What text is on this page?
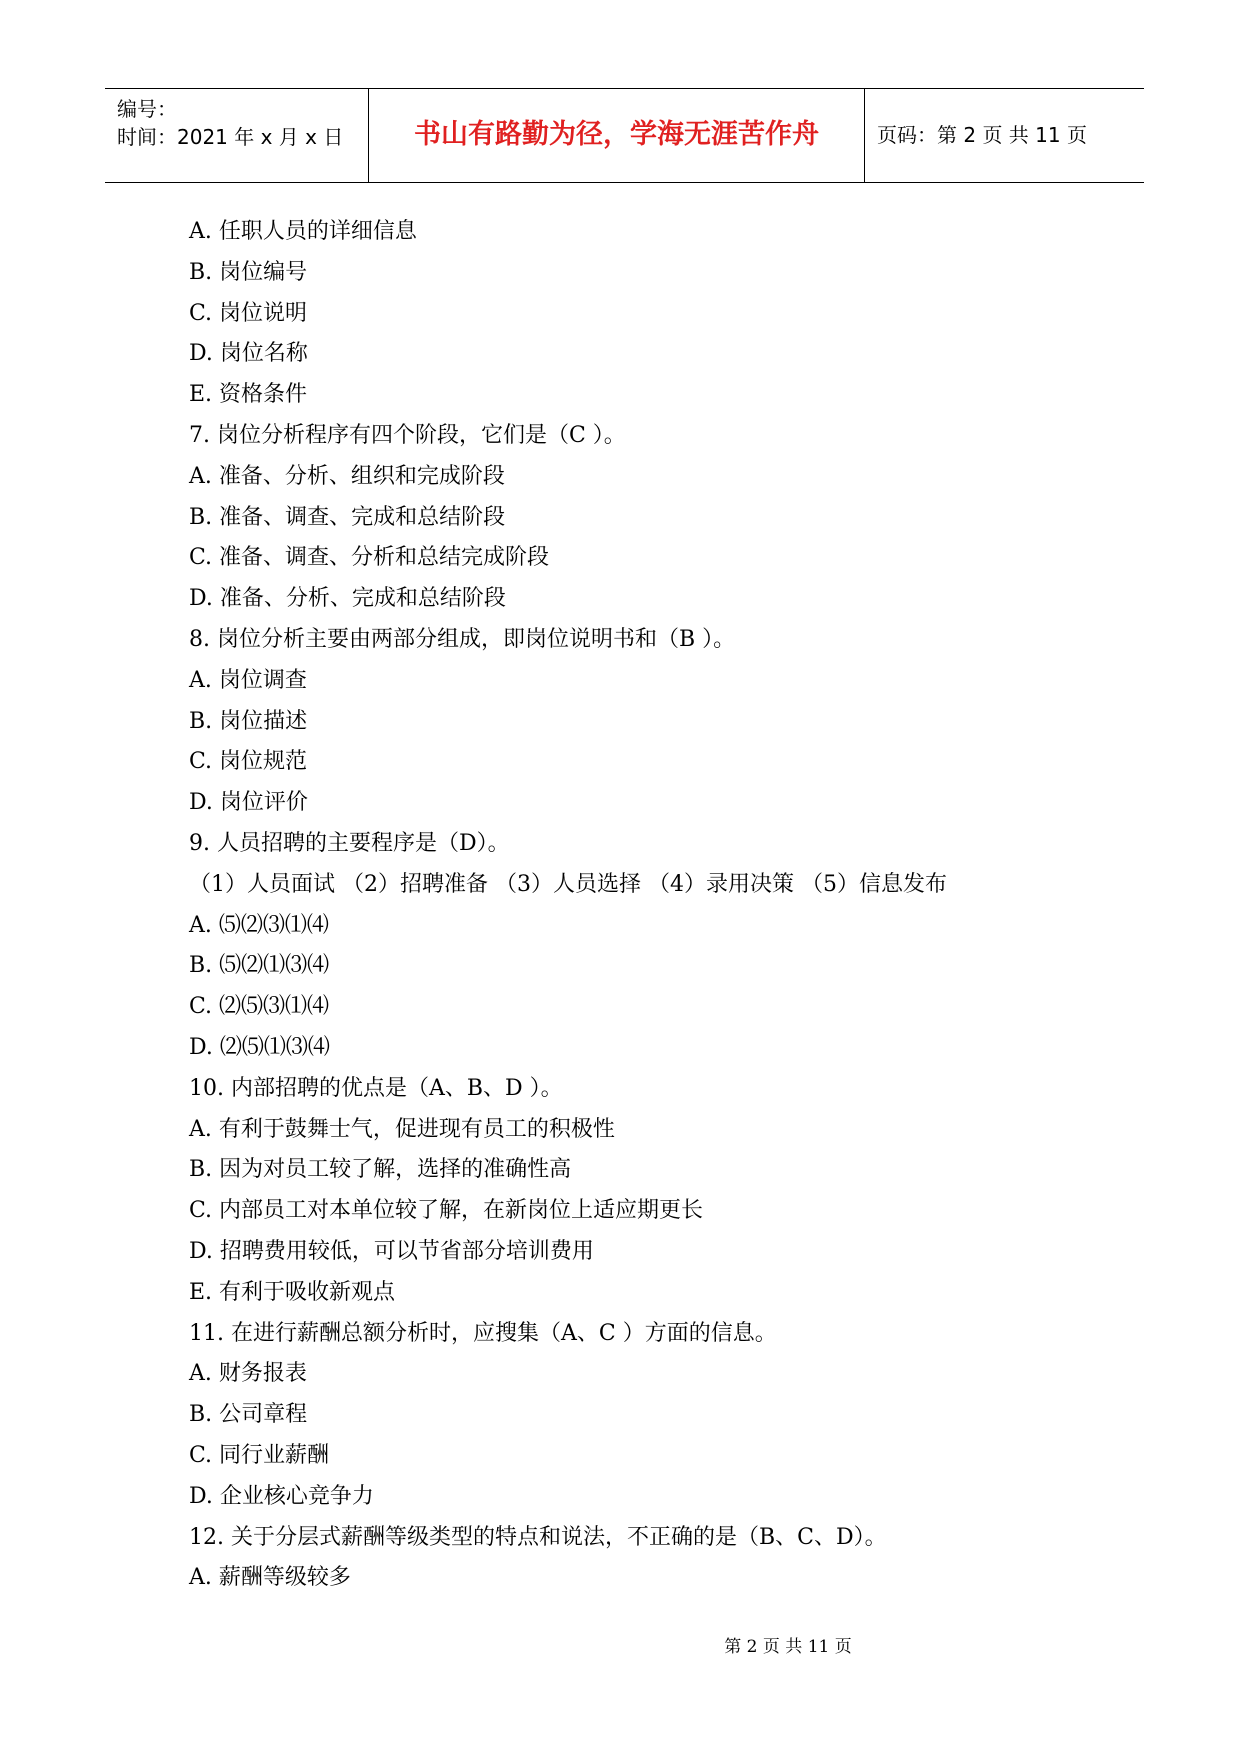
编号：
时间：2021 年 x 月 x 日	书山有路勤为径，学海无涯苦作舟	页码：第 2 页 共 11 页
A. 任职人员的详细信息
B. 岗位编号
C. 岗位说明
D. 岗位名称
E. 资格条件
7. 岗位分析程序有四个阶段，它们是（C ）。
A. 准备、分析、组织和完成阶段
B. 准备、调查、完成和总结阶段
C. 准备、调查、分析和总结完成阶段
D. 准备、分析、完成和总结阶段
8. 岗位分析主要由两部分组成，即岗位说明书和（B ）。
A. 岗位调查
B. 岗位描述
C. 岗位规范
D. 岗位评价
9. 人员招聘的主要程序是（D）。
（1）人员面试 （2）招聘准备 （3）人员选择 （4）录用决策 （5）信息发布
A. ⑸⑵⑶⑴⑷
B. ⑸⑵⑴⑶⑷
C. ⑵⑸⑶⑴⑷
D. ⑵⑸⑴⑶⑷
10. 内部招聘的优点是（A、B、D ）。
A. 有利于鼓舞士气，促进现有员工的积极性
B. 因为对员工较了解，选择的准确性高
C. 内部员工对本单位较了解，在新岗位上适应期更长
D. 招聘费用较低，可以节省部分培训费用
E. 有利于吸收新观点
11. 在进行薪酬总额分析时，应搜集（A、C ）方面的信息。
A. 财务报表
B. 公司章程
C. 同行业薪酬
D. 企业核心竞争力
12. 关于分层式薪酬等级类型的特点和说法，不正确的是（B、C、D）。
A. 薪酬等级较多
第 2 页 共 11 页
